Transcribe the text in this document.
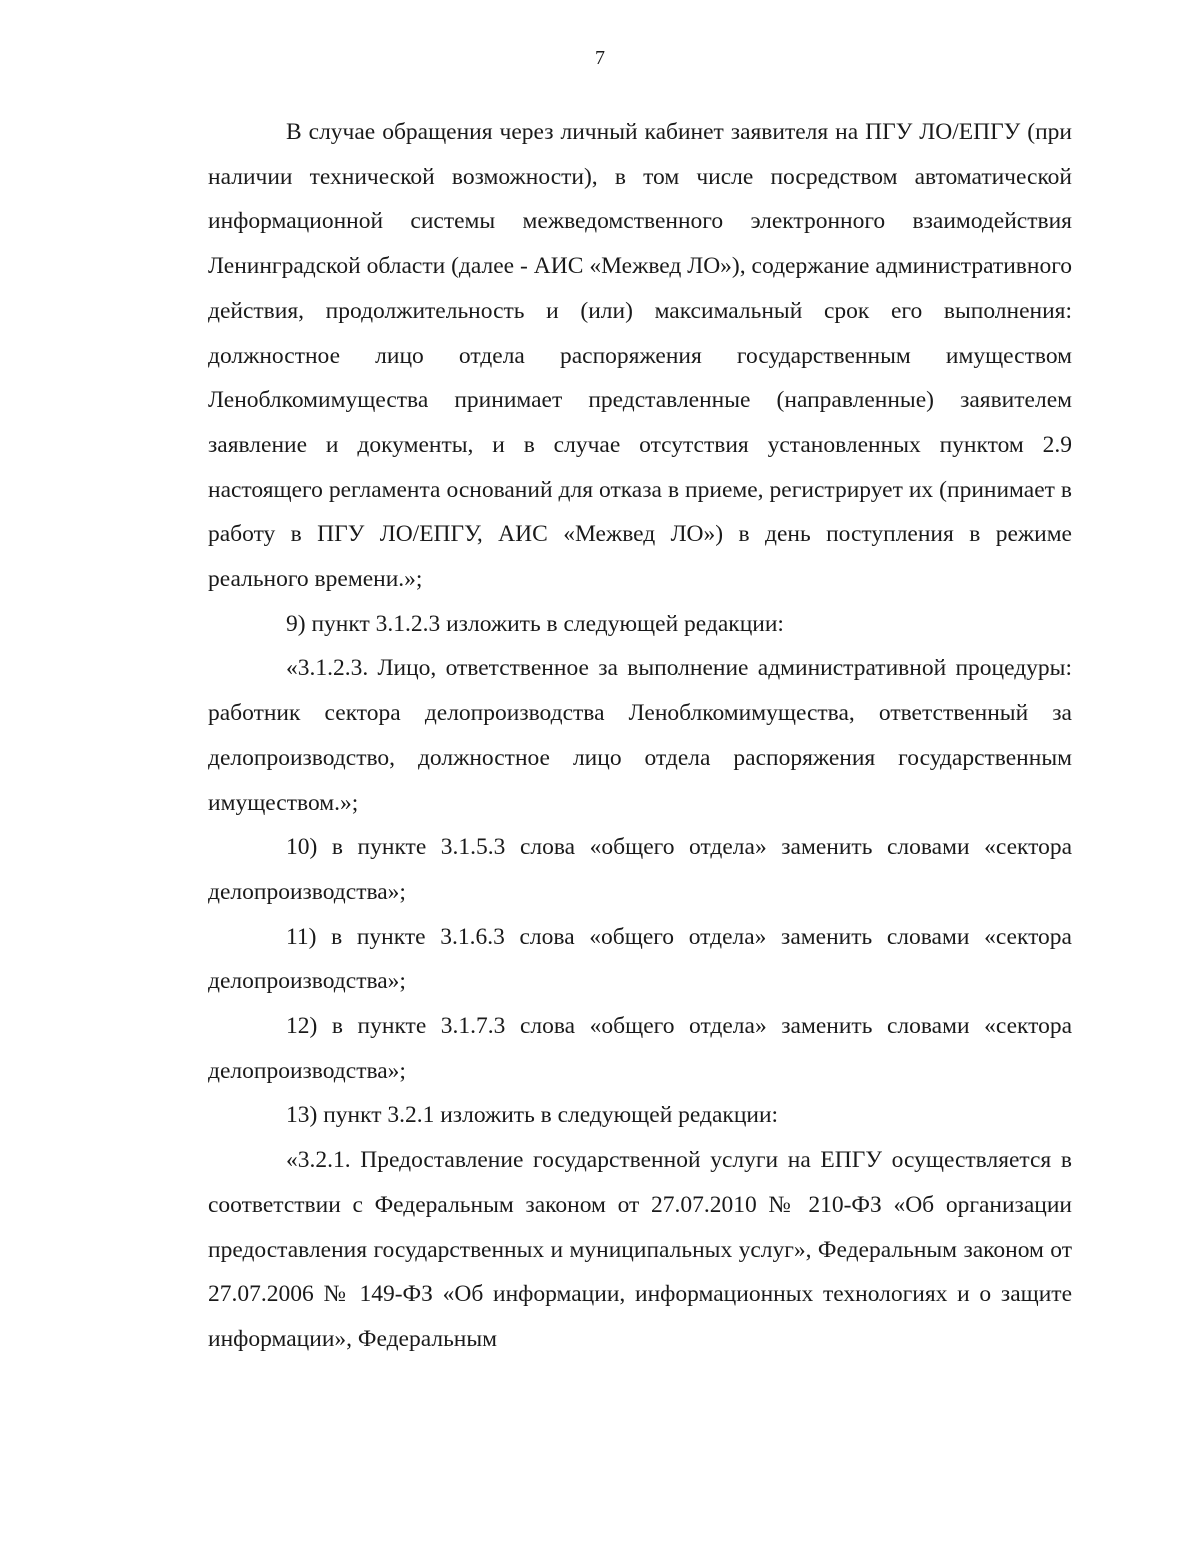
7

В случае обращения через личный кабинет заявителя на ПГУ ЛО/ЕПГУ (при наличии технической возможности), в том числе посредством автоматической информационной системы межведомственного электронного взаимодействия Ленинградской области (далее - АИС «Межвед ЛО»), содержание административного действия, продолжительность и (или) максимальный срок его выполнения: должностное лицо отдела распоряжения государственным имуществом Леноблкомимущества принимает представленные (направленные) заявителем заявление и документы, и в случае отсутствия установленных пунктом 2.9 настоящего регламента оснований для отказа в приеме, регистрирует их (принимает в работу в ПГУ ЛО/ЕПГУ, АИС «Межвед ЛО») в день поступления в режиме реального времени.»;

9) пункт 3.1.2.3 изложить в следующей редакции:

«3.1.2.3. Лицо, ответственное за выполнение административной процедуры: работник сектора делопроизводства Леноблкомимущества, ответственный за делопроизводство, должностное лицо отдела распоряжения государственным имуществом.»;

10) в пункте 3.1.5.3 слова «общего отдела» заменить словами «сектора делопроизводства»;

11) в пункте 3.1.6.3 слова «общего отдела» заменить словами «сектора делопроизводства»;

12) в пункте 3.1.7.3 слова «общего отдела» заменить словами «сектора делопроизводства»;

13) пункт 3.2.1 изложить в следующей редакции:

«3.2.1. Предоставление государственной услуги на ЕПГУ осуществляется в соответствии с Федеральным законом от 27.07.2010 № 210-ФЗ «Об организации предоставления государственных и муниципальных услуг», Федеральным законом от 27.07.2006 № 149-ФЗ «Об информации, информационных технологиях и о защите информации», Федеральным
